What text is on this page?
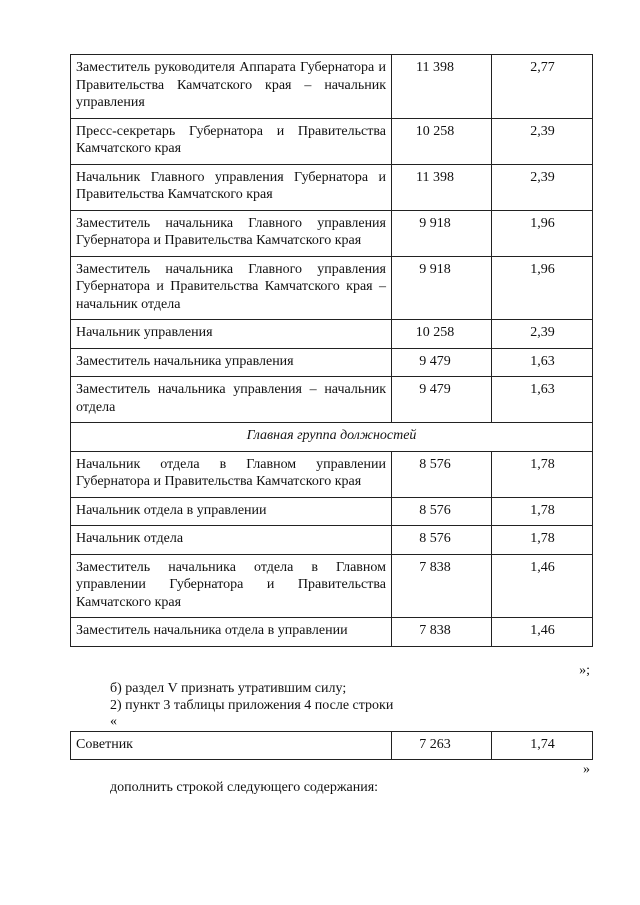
Заместитель руководителя Аппарата Губернатора и Правительства Камчатского края – начальник управления	11 398	2,77
Пресс-секретарь Губернатора и Правительства Камчатского края	10 258	2,39
Начальник Главного управления Губернатора и Правительства Камчатского края	11 398	2,39
Заместитель начальника Главного управления Губернатора и Правительства Камчатского края	9 918	1,96
Заместитель начальника Главного управления Губернатора и Правительства Камчатского края – начальник отдела	9 918	1,96
Начальник управления	10 258	2,39
Заместитель начальника управления	9 479	1,63
Заместитель начальника управления – начальник отдела	9 479	1,63
Главная группа должностей		
Начальник отдела в Главном управлении Губернатора и Правительства Камчатского края	8 576	1,78
Начальник отдела в управлении	8 576	1,78
Начальник отдела	8 576	1,78
Заместитель начальника отдела в Главном управлении Губернатора и Правительства Камчатского края	7 838	1,46
Заместитель начальника отдела в управлении	7 838	1,46
»;
б) раздел V признать утратившим силу;
2) пункт 3 таблицы приложения 4 после строки
«
Советник	7 263	1,74
»
дополнить строкой следующего содержания:
